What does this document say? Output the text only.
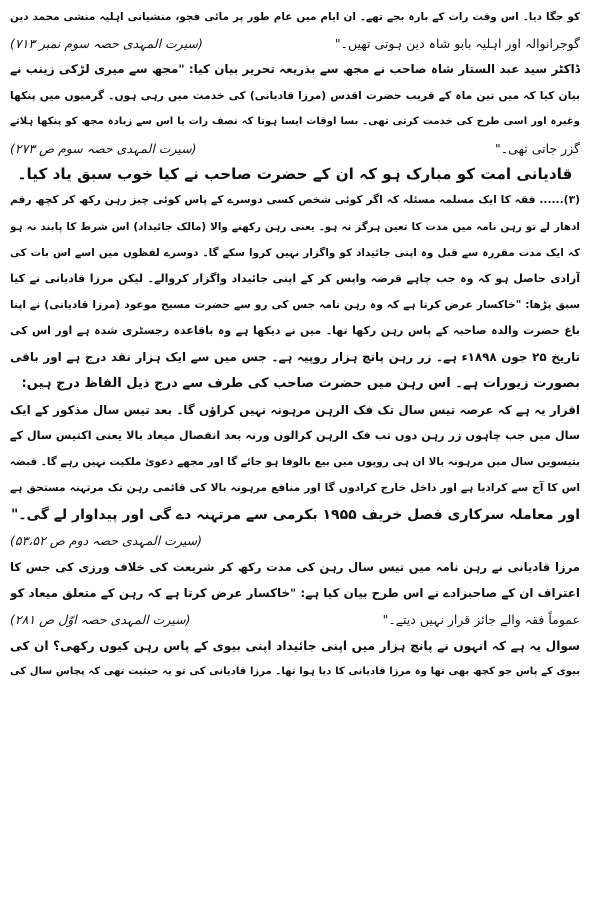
کو جگا دیا۔ اس وقت رات کے بارہ بجے تھے۔ ان ایام میں عام طور پر مائی فجو، منشیانی اہلیہ منشی محمد دین
گوجرانوالہ اور اہلیہ بابو شاہ دین ہوتی تھیں۔"
(سیرت المہدی حصہ سوم نمبر ۷۱۳)
ڈاکٹر سید عبد الستار شاہ صاحب نے مجھ سے بذریعہ تحریر بیان کیا: "مجھ سے میری لڑکی زینب نے
بیان کیا کہ میں تین ماہ کے قریب حضرت اقدس (مرزا قادیانی) کی خدمت میں رہی ہوں۔ گرمیوں میں پنکھا
وغیرہ اور اسی طرح کی خدمت کرتی تھی۔ بسا اوقات ایسا ہوتا کہ نصف رات یا اس سے زیادہ مجھ کو پنکھا ہلاتے
گزر جاتی تھی۔"
(سیرت المہدی حصہ سوم ص ۲۷۳)
قادیانی امت کو مبارک ہو کہ ان کے حضرت صاحب نے کیا خوب سبق یاد کیا۔
(۳)...... فقہ کا ایک مسلمہ مسئلہ کہ اگر کوئی شخص کسی دوسرے کے پاس کوئی چیز رہن رکھ کر کچھ رقم
ادھار لے تو رہن نامہ میں مدت کا تعین ہرگز نہ ہو۔ یعنی رہن رکھنے والا (مالک جائیداد) اس شرط کا پابند نہ ہو
کہ ایک مدت مقررہ سے قبل وہ اپنی جائیداد کو واگزار نہیں کروا سکے گا۔ دوسرے لفظوں میں اسے اس بات کی
آزادی حاصل ہو کہ وہ جب چاہے قرضہ واپس کر کے اپنی جائیداد واگزار کروالے۔ لیکن مرزا قادیانی نے کیا
سبق پڑھا: "خاکسار عرض کرتا ہے کہ وہ رہن نامہ جس کی رو سے حضرت مسیح موعود (مرزا قادیانی) نے اپنا
باغ حضرت والدہ صاحبہ کے پاس رہن رکھا تھا۔ میں نے دیکھا ہے وہ باقاعدہ رجسٹری شدہ ہے اور اس کی
تاریخ ۲۵ جون ۱۸۹۸ء ہے۔ زر رہن پانچ ہزار روپیہ ہے۔ جس میں سے ایک ہزار نقد درج ہے اور باقی
بصورت زیورات ہے۔ اس رہن میں حضرت صاحب کی طرف سے درج ذیل الفاظ درج ہیں:
اقرار یہ ہے کہ عرصہ تیس سال تک فک الرہن مرہونہ نہیں کراؤں گا۔ بعد تیس سال مذکور کے ایک
سال میں جب چاہوں زر رہن دوں تب فک الرہن کرالوں ورنہ بعد انفصال میعاد بالا یعنی اکتیس سال کے
بتیسویں سال میں مرہونہ بالا ان ہی روپوں میں بیع بالوفا ہو جائے گا اور مجھے دعویٰ ملکیت نہیں رہے گا۔ قبضہ
اس کا آج سے کرادیا ہے اور داخل خارج کرادوں گا اور منافع مرہونہ بالا کی قائمی رہن تک مرتہنہ مستحق ہے
اور معاملہ سرکاری فصل خریف ۱۹۵۵ بکرمی سے مرتہنہ دے گی اور پیداوار لے گی۔"
(سیرت المہدی حصہ دوم ص ۵۳،۵۲)
مرزا قادیانی نے رہن نامہ میں تیس سال رہن کی مدت رکھ کر شریعت کی خلاف ورزی کی جس کا
اعتراف ان کے صاحبزادے نے اس طرح بیان کیا ہے: "خاکسار عرض کرتا ہے کہ رہن کے متعلق میعاد کو
عموماً فقہ والے جائز قرار نہیں دیتے۔"
(سیرت المہدی حصہ اوّل ص ۲۸۱)
سوال یہ ہے کہ انہوں نے پانچ ہزار میں اپنی جائیداد اپنی بیوی کے پاس رہن کیوں رکھی؟ ان کی
بیوی کے پاس جو کچھ بھی تھا وہ مرزا قادیانی کا دیا ہوا تھا۔ مرزا قادیانی کی تو یہ حیثیت تھی کہ پچاس سال کی
